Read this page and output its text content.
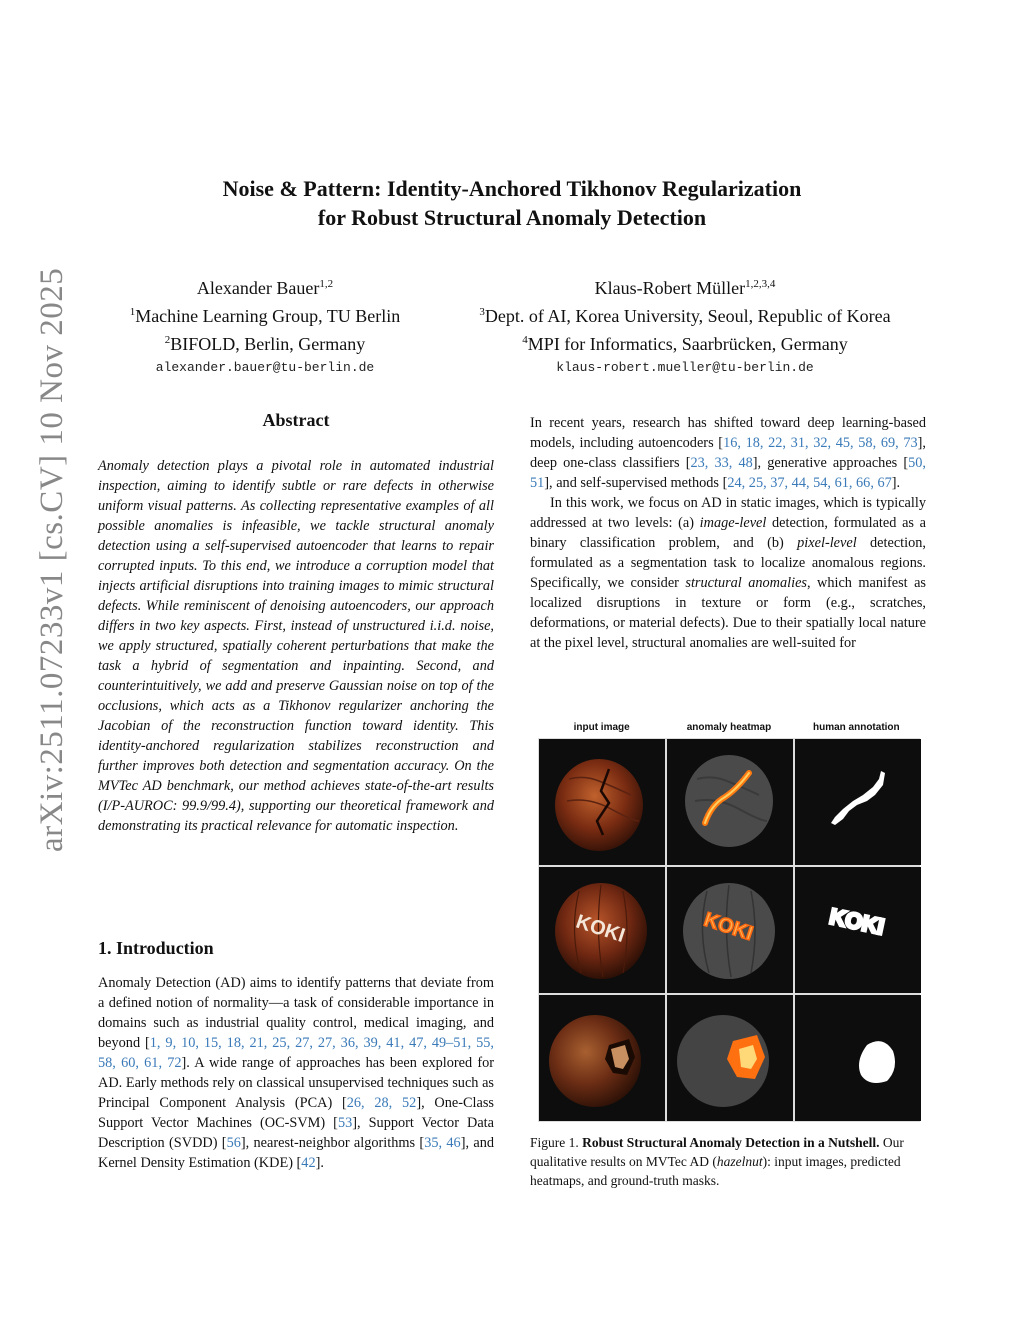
arXiv:2511.07233v1 [cs.CV] 10 Nov 2025
Noise & Pattern: Identity-Anchored Tikhonov Regularization
for Robust Structural Anomaly Detection
Alexander Bauer$^{1,2}$
$^1$Machine Learning Group, TU Berlin
$^2$BIFOLD, Berlin, Germany
alexander.bauer@tu-berlin.de
Klaus-Robert Müller$^{1,2,3,4}$
$^3$Dept. of AI, Korea University, Seoul, Republic of Korea
$^4$MPI for Informatics, Saarbrücken, Germany
klaus-robert.mueller@tu-berlin.de
Abstract
Anomaly detection plays a pivotal role in automated industrial inspection, aiming to identify subtle or rare defects in otherwise uniform visual patterns. As collecting representative examples of all possible anomalies is infeasible, we tackle structural anomaly detection using a self-supervised autoencoder that learns to repair corrupted inputs. To this end, we introduce a corruption model that injects artificial disruptions into training images to mimic structural defects. While reminiscent of denoising autoencoders, our approach differs in two key aspects. First, instead of unstructured i.i.d. noise, we apply structured, spatially coherent perturbations that make the task a hybrid of segmentation and inpainting. Second, and counterintuitively, we add and preserve Gaussian noise on top of the occlusions, which acts as a Tikhonov regularizer anchoring the Jacobian of the reconstruction function toward identity. This identity-anchored regularization stabilizes reconstruction and further improves both detection and segmentation accuracy. On the MVTec AD benchmark, our method achieves state-of-the-art results (I/P-AUROC: 99.9/99.4), supporting our theoretical framework and demonstrating its practical relevance for automatic inspection.
1. Introduction

Anomaly Detection (AD) aims to identify patterns that deviate from a defined notion of normality—a task of considerable importance in domains such as industrial quality control, medical imaging, and beyond [1, 9, 10, 15, 18, 21, 25, 27, 27, 36, 39, 41, 47, 49–51, 55, 58, 60, 61, 72]. A wide range of approaches has been explored for AD. Early methods rely on classical unsupervised techniques such as Principal Component Analysis (PCA) [26, 28, 52], One-Class Support Vector Machines (OC-SVM) [53], Support Vector Data Description (SVDD) [56], nearest-neighbor algorithms [35, 46], and Kernel Density Estimation (KDE) [42].

In recent years, research has shifted toward deep learning-based models, including autoencoders [16, 18, 22, 31, 32, 45, 58, 69, 73], deep one-class classifiers [23, 33, 48], generative approaches [50, 51], and self-supervised methods [24, 25, 37, 44, 54, 61, 66, 67].

In this work, we focus on AD in static images, which is typically addressed at two levels: (a) image-level detection, formulated as a binary classification problem, and (b) pixel-level detection, formulated as a segmentation task to localize anomalous regions. Specifically, we consider structural anomalies, which manifest as localized disruptions in texture or form (e.g., scratches, deformations, or material defects). Due to their spatially local nature at the pixel level, structural anomalies are well-suited for

input image	anomaly heatmap	human annotation
KOKI	KOKI	KOKI
Figure 1. Robust Structural Anomaly Detection in a Nutshell. Our qualitative results on MVTec AD (hazelnut): input images, predicted heatmaps, and ground-truth masks.
